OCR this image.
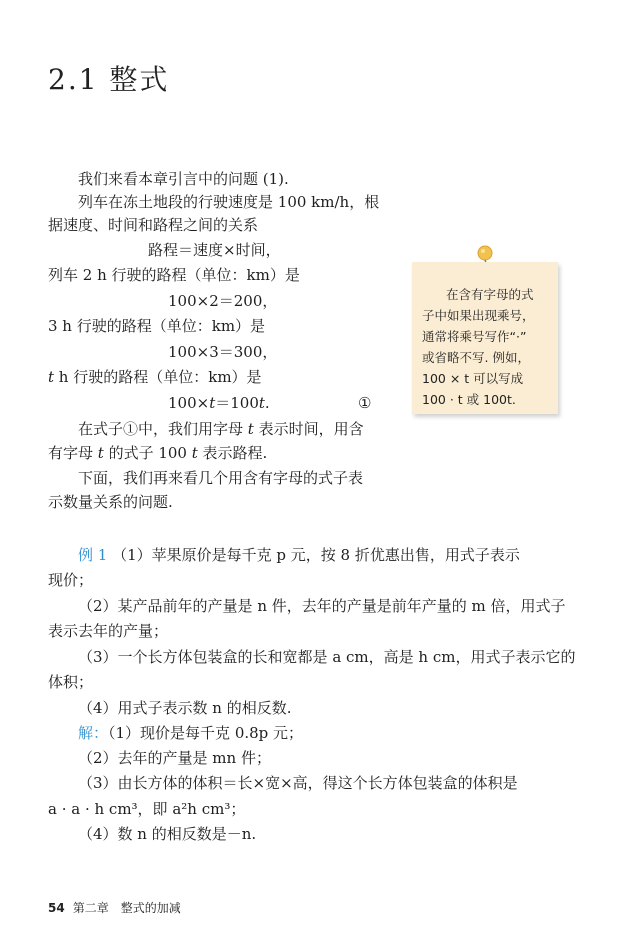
2.1 整式
我们来看本章引言中的问题 (1).
列车在冻土地段的行驶速度是 100 km/h，根
据速度、时间和路程之间的关系
路程＝速度×时间，
列车 2 h 行驶的路程（单位：km）是
100×2＝200，
3 h 行驶的路程（单位：km）是
100×3＝300，
t h 行驶的路程（单位：km）是
100×t＝100t.	①
在式子①中，我们用字母 t 表示时间，用含
有字母 t 的式子 100 t 表示路程.
下面，我们再来看几个用含有字母的式子表
示数量关系的问题.
在含有字母的式
子中如果出现乘号，
通常将乘号写作“·”
或省略不写. 例如，
100 × t 可以写成
100 · t 或 100t.
例 1 （1）苹果原价是每千克 p 元，按 8 折优惠出售，用式子表示
现价；
（2）某产品前年的产量是 n 件，去年的产量是前年产量的 m 倍，用式子
表示去年的产量；
（3）一个长方体包装盒的长和宽都是 a cm，高是 h cm，用式子表示它的
体积；
（4）用式子表示数 n 的相反数.
解：（1）现价是每千克 0.8p 元；
（2）去年的产量是 mn 件；
（3）由长方体的体积＝长×宽×高，得这个长方体包装盒的体积是
a · a · h cm³，即 a²h cm³；
（4）数 n 的相反数是－n.
54 第二章　整式的加减
